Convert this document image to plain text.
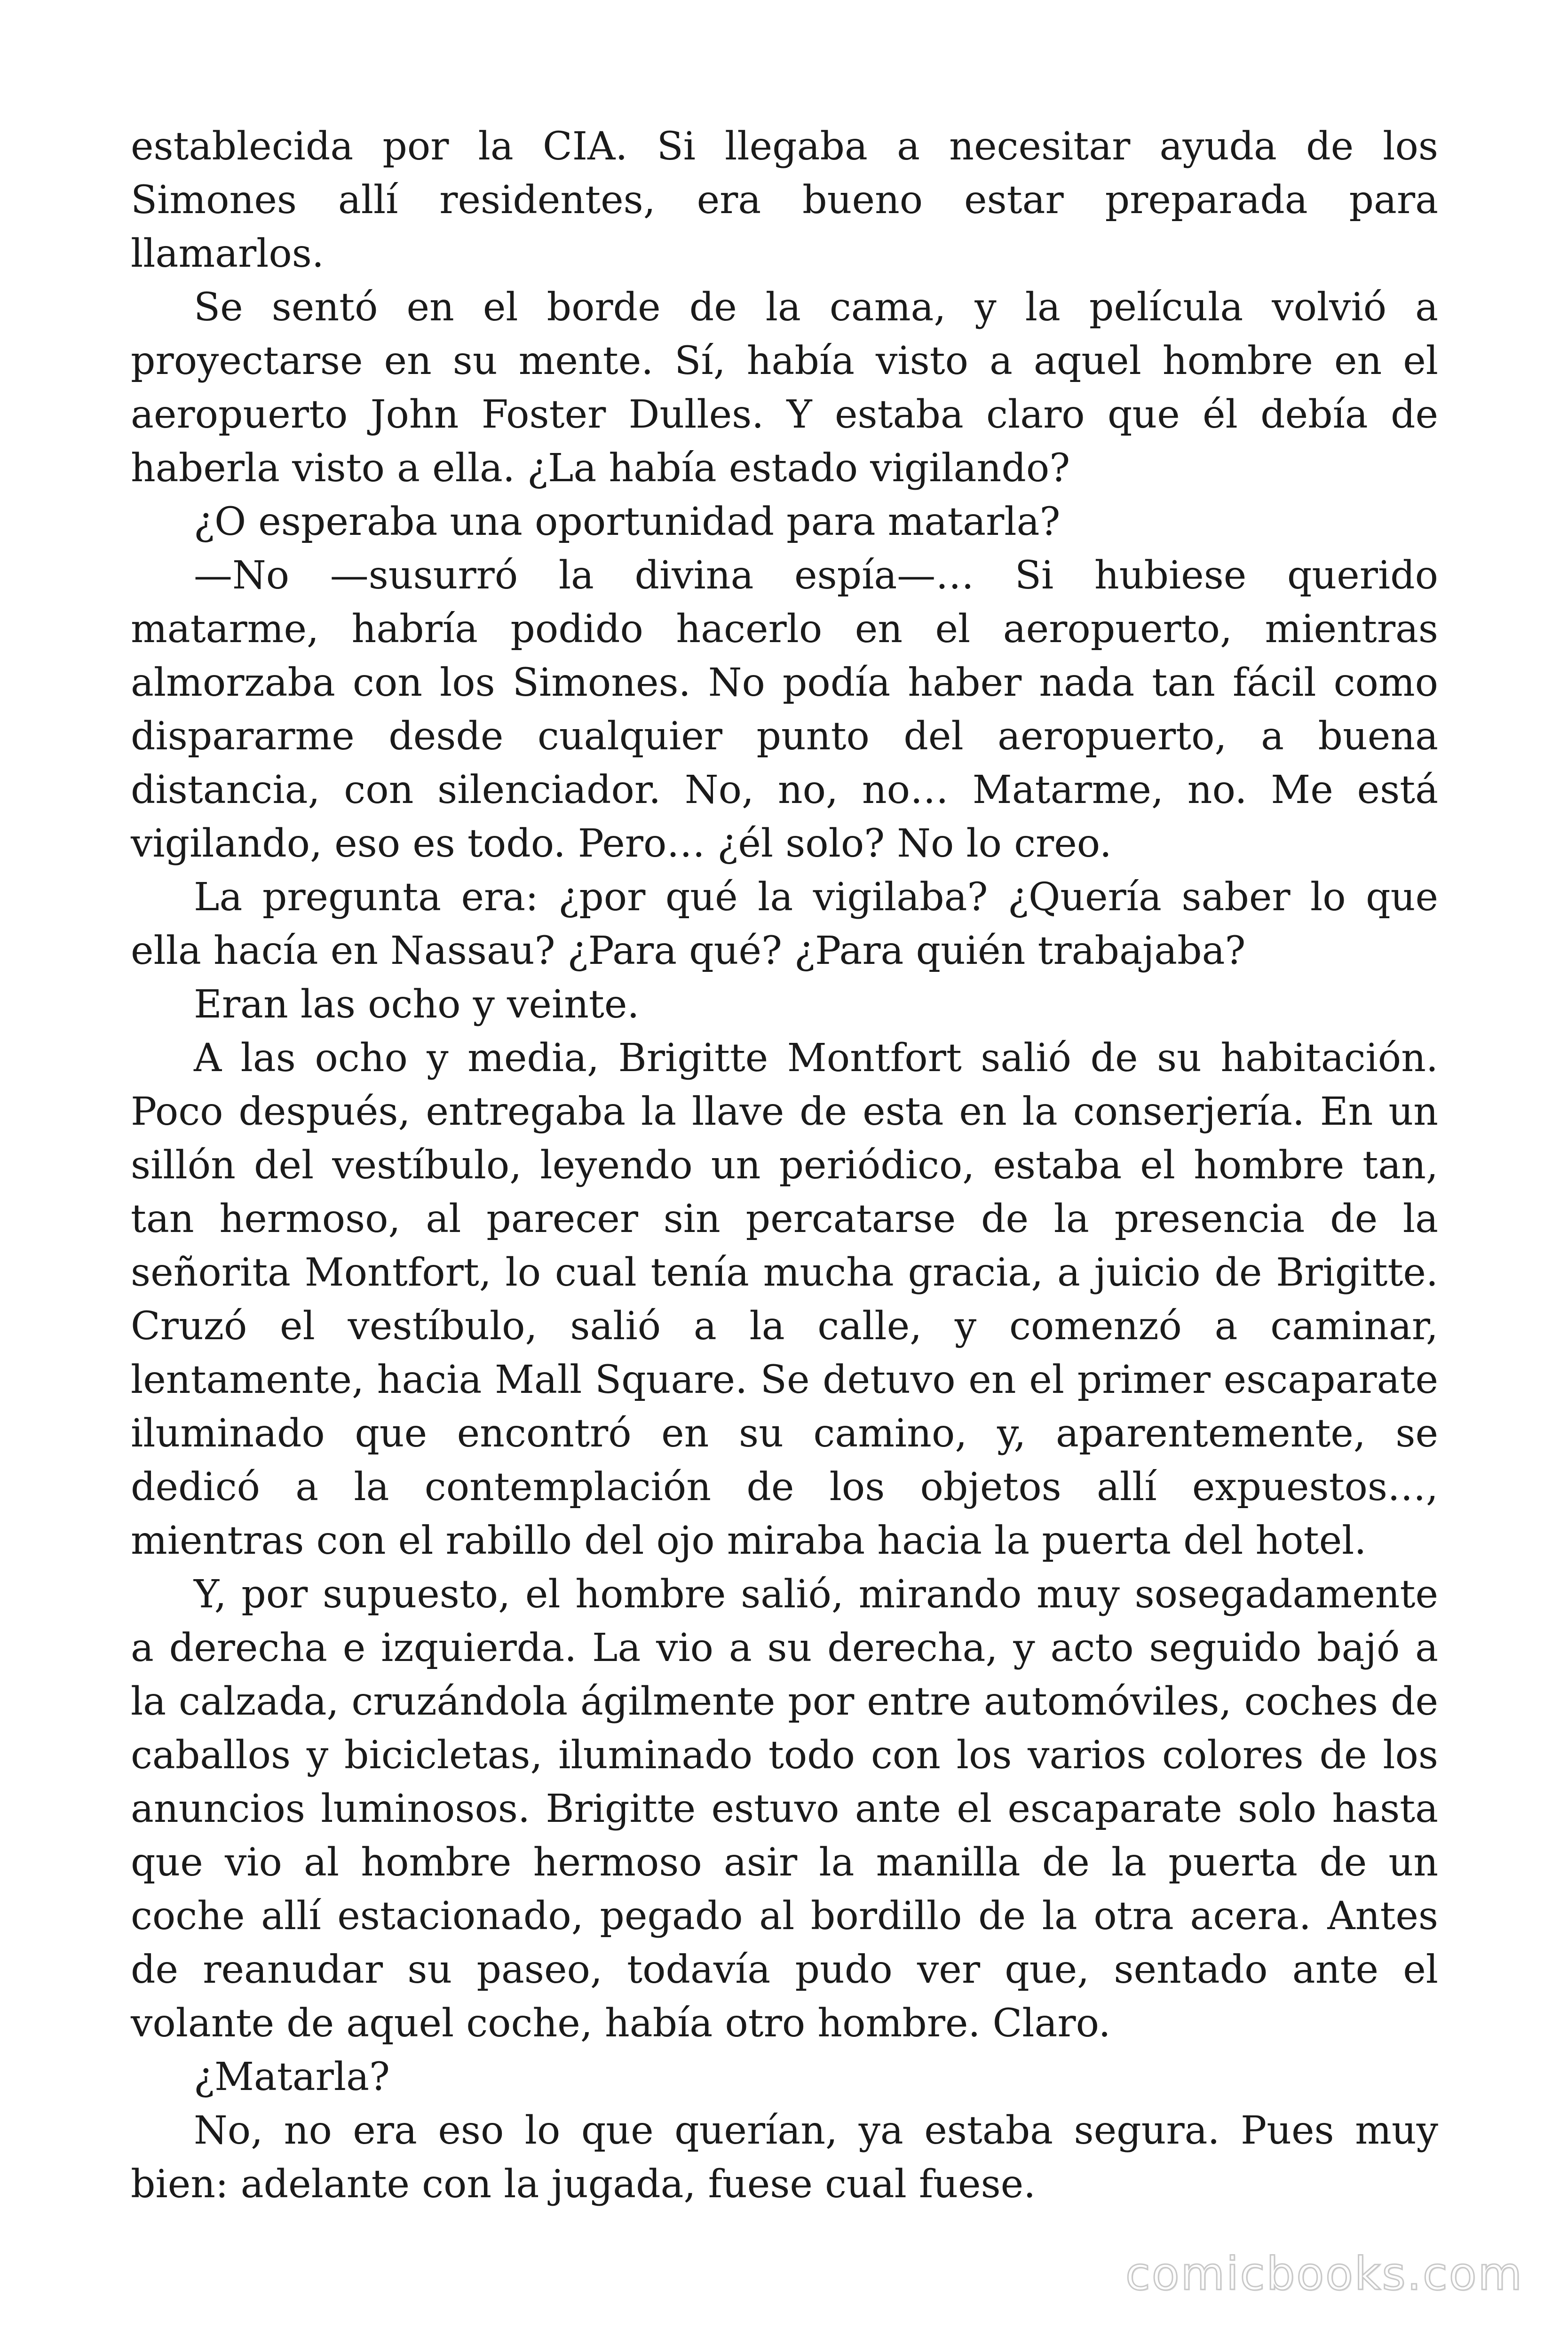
establecida por la CIA. Si llegaba a necesitar ayuda de los Simones allí residentes, era bueno estar preparada para llamarlos.

Se sentó en el borde de la cama, y la película volvió a proyectarse en su mente. Sí, había visto a aquel hombre en el aeropuerto John Foster Dulles. Y estaba claro que él debía de haberla visto a ella. ¿La había estado vigilando?

¿O esperaba una oportunidad para matarla?

—No —susurró la divina espía—… Si hubiese querido matarme, habría podido hacerlo en el aeropuerto, mientras almorzaba con los Simones. No podía haber nada tan fácil como dispararme desde cualquier punto del aeropuerto, a buena distancia, con silenciador. No, no, no… Matarme, no. Me está vigilando, eso es todo. Pero… ¿él solo? No lo creo.

La pregunta era: ¿por qué la vigilaba? ¿Quería saber lo que ella hacía en Nassau? ¿Para qué? ¿Para quién trabajaba?

Eran las ocho y veinte.

A las ocho y media, Brigitte Montfort salió de su habitación. Poco después, entregaba la llave de esta en la conserjería. En un sillón del vestíbulo, leyendo un periódico, estaba el hombre tan, tan hermoso, al parecer sin percatarse de la presencia de la señorita Montfort, lo cual tenía mucha gracia, a juicio de Brigitte. Cruzó el vestíbulo, salió a la calle, y comenzó a caminar, lentamente, hacia Mall Square. Se detuvo en el primer escaparate iluminado que encontró en su camino, y, aparentemente, se dedicó a la contemplación de los objetos allí expuestos…, mientras con el rabillo del ojo miraba hacia la puerta del hotel.

Y, por supuesto, el hombre salió, mirando muy sosegadamente a derecha e izquierda. La vio a su derecha, y acto seguido bajó a la calzada, cruzándola ágilmente por entre automóviles, coches de caballos y bicicletas, iluminado todo con los varios colores de los anuncios luminosos. Brigitte estuvo ante el escaparate solo hasta que vio al hombre hermoso asir la manilla de la puerta de un coche allí estacionado, pegado al bordillo de la otra acera. Antes de reanudar su paseo, todavía pudo ver que, sentado ante el volante de aquel coche, había otro hombre. Claro.

¿Matarla?

No, no era eso lo que querían, ya estaba segura. Pues muy bien: adelante con la jugada, fuese cual fuese.

comicbooks.com
